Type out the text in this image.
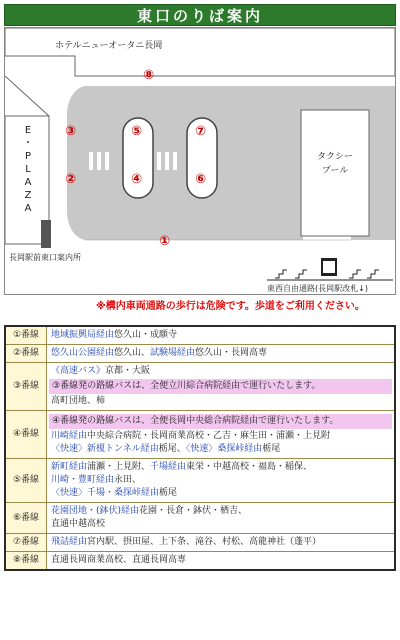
東口のりば案内
ホテルニューオータニ長岡
E
・
P
L
A
Z
A
長岡駅前東口案内所
タクシー
プール
東西自由通路(長岡駅改札↓)
①
②
③
④
⑤
⑥
⑦
⑧
※構内車両通路の歩行は危険です。歩道をご利用ください。
①番線	地域振興局経由悠久山・成願寺
②番線	悠久山公園経由悠久山、試験場経由悠久山・長岡高専
③番線
《高速バス》京都・大阪
③番線発の路線バスは、全便立川綜合病院経由で運行いたします。
高町団地、柿
④番線
④番線発の路線バスは、全便長岡中央総合病院経由で運行いたします。
川崎経由中央綜合病院・長岡商業高校・乙吉・麻生田・浦瀬・上見附
〈快速〉新榎トンネル経由栃尾、〈快速〉桑探峠経由栃尾
⑤番線
新町経由浦瀬・上見附、千場経由東栄・中越高校・福島・稲保、
川崎・豊町経由永田、
〈快速〉千場・桑探峠経由栃尾
⑥番線
花園団地・(鉢伏)経由花園・長倉・鉢伏・栖吉、
直通中越高校
⑦番線	飛詰経由宮内駅、摂田屋、上下条、滝谷、村松、高龍神社（蓬平）
⑧番線	直通長岡商業高校、直通長岡高専
